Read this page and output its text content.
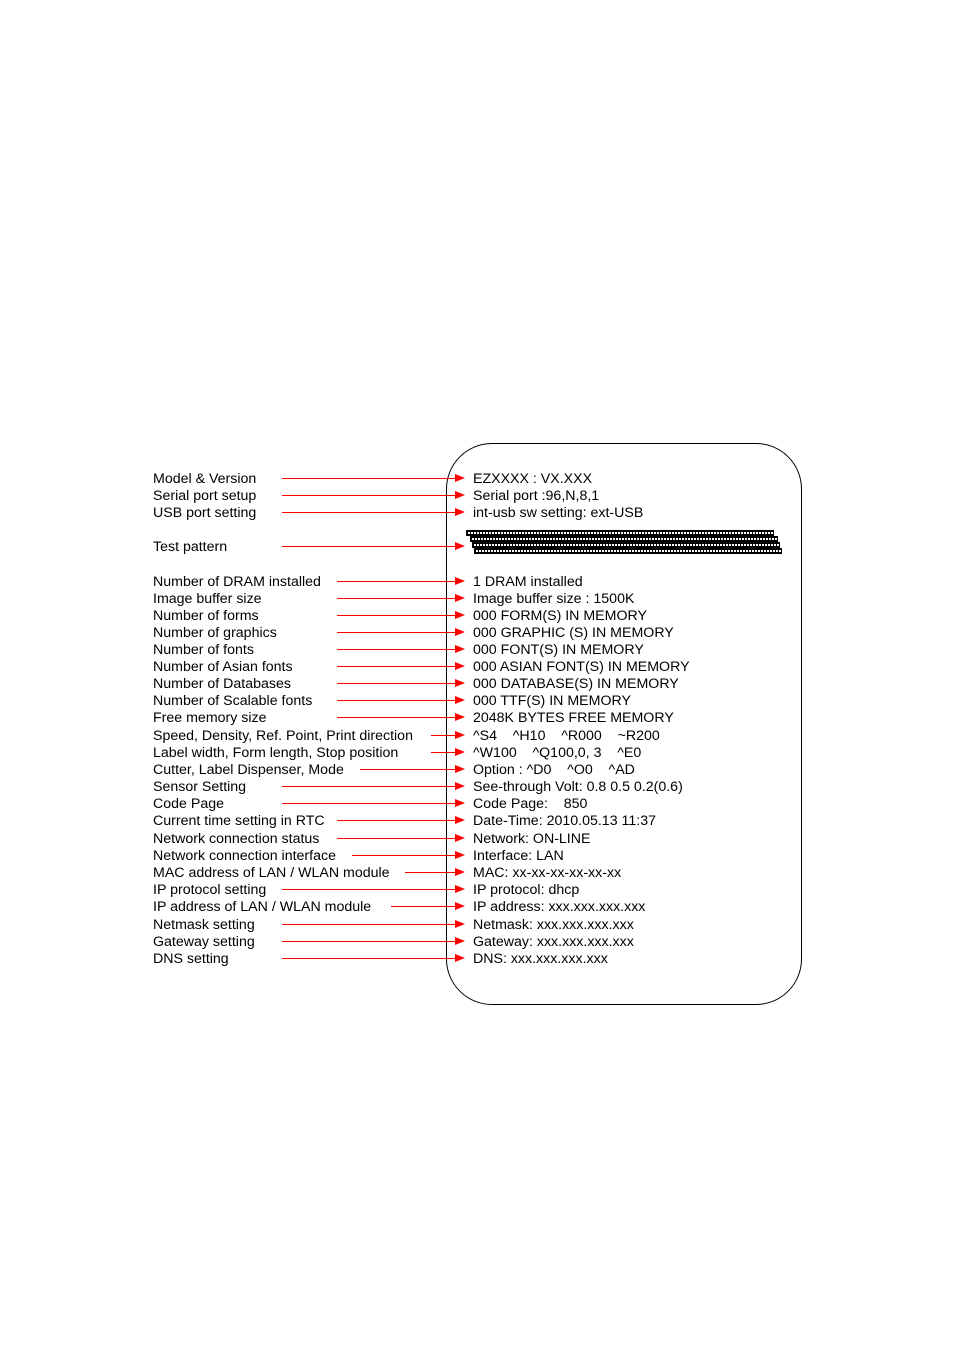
Model & Version	EZXXXX : VX.XXX
Serial port setup	Serial port :96,N,8,1
USB port setting	int-usb sw setting: ext-USB
Test pattern
Number of DRAM installed	1 DRAM installed
Image buffer size	Image buffer size : 1500K
Number of forms	000 FORM(S) IN MEMORY
Number of graphics	000 GRAPHIC (S) IN MEMORY
Number of fonts	000 FONT(S) IN MEMORY
Number of Asian fonts	000 ASIAN FONT(S) IN MEMORY
Number of Databases	000 DATABASE(S) IN MEMORY
Number of Scalable fonts	000 TTF(S) IN MEMORY
Free memory size	2048K BYTES FREE MEMORY
Speed, Density, Ref. Point, Print direction	^S4    ^H10    ^R000    ~R200
Label width, Form length, Stop position	^W100    ^Q100,0, 3    ^E0
Cutter, Label Dispenser, Mode	Option : ^D0    ^O0    ^AD
Sensor Setting	See-through Volt: 0.8 0.5 0.2(0.6)
Code Page	Code Page:    850
Current time setting in RTC	Date-Time: 2010.05.13 11:37
Network connection status	Network: ON-LINE
Network connection interface	Interface: LAN
MAC address of LAN / WLAN module	MAC: xx-xx-xx-xx-xx-xx
IP protocol setting	IP protocol: dhcp
IP address of LAN / WLAN module	IP address: xxx.xxx.xxx.xxx
Netmask setting	Netmask: xxx.xxx.xxx.xxx
Gateway setting	Gateway: xxx.xxx.xxx.xxx
DNS setting	DNS: xxx.xxx.xxx.xxx
